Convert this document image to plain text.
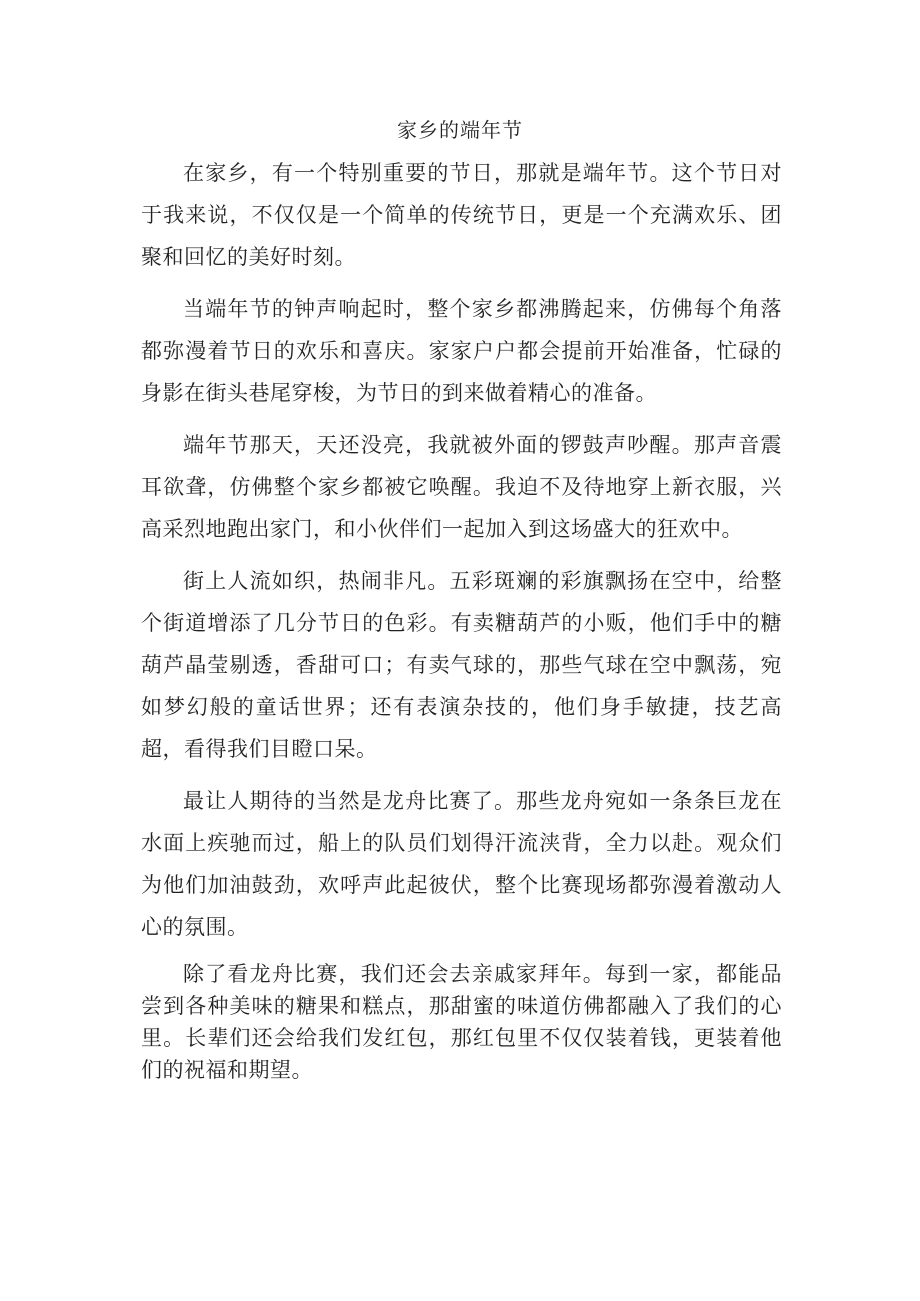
家乡的端年节

在家乡，有一个特别重要的节日，那就是端年节。这个节日对于我来说，不仅仅是一个简单的传统节日，更是一个充满欢乐、团聚和回忆的美好时刻。

当端年节的钟声响起时，整个家乡都沸腾起来，仿佛每个角落都弥漫着节日的欢乐和喜庆。家家户户都会提前开始准备，忙碌的身影在街头巷尾穿梭，为节日的到来做着精心的准备。

端年节那天，天还没亮，我就被外面的锣鼓声吵醒。那声音震耳欲聋，仿佛整个家乡都被它唤醒。我迫不及待地穿上新衣服，兴高采烈地跑出家门，和小伙伴们一起加入到这场盛大的狂欢中。

街上人流如织，热闹非凡。五彩斑斓的彩旗飘扬在空中，给整个街道增添了几分节日的色彩。有卖糖葫芦的小贩，他们手中的糖葫芦晶莹剔透，香甜可口；有卖气球的，那些气球在空中飘荡，宛如梦幻般的童话世界；还有表演杂技的，他们身手敏捷，技艺高超，看得我们目瞪口呆。

最让人期待的当然是龙舟比赛了。那些龙舟宛如一条条巨龙在水面上疾驰而过，船上的队员们划得汗流浃背，全力以赴。观众们为他们加油鼓劲，欢呼声此起彼伏，整个比赛现场都弥漫着激动人心的氛围。

除了看龙舟比赛，我们还会去亲戚家拜年。每到一家，都能品尝到各种美味的糖果和糕点，那甜蜜的味道仿佛都融入了我们的心里。长辈们还会给我们发红包，那红包里不仅仅装着钱，更装着他们的祝福和期望。
